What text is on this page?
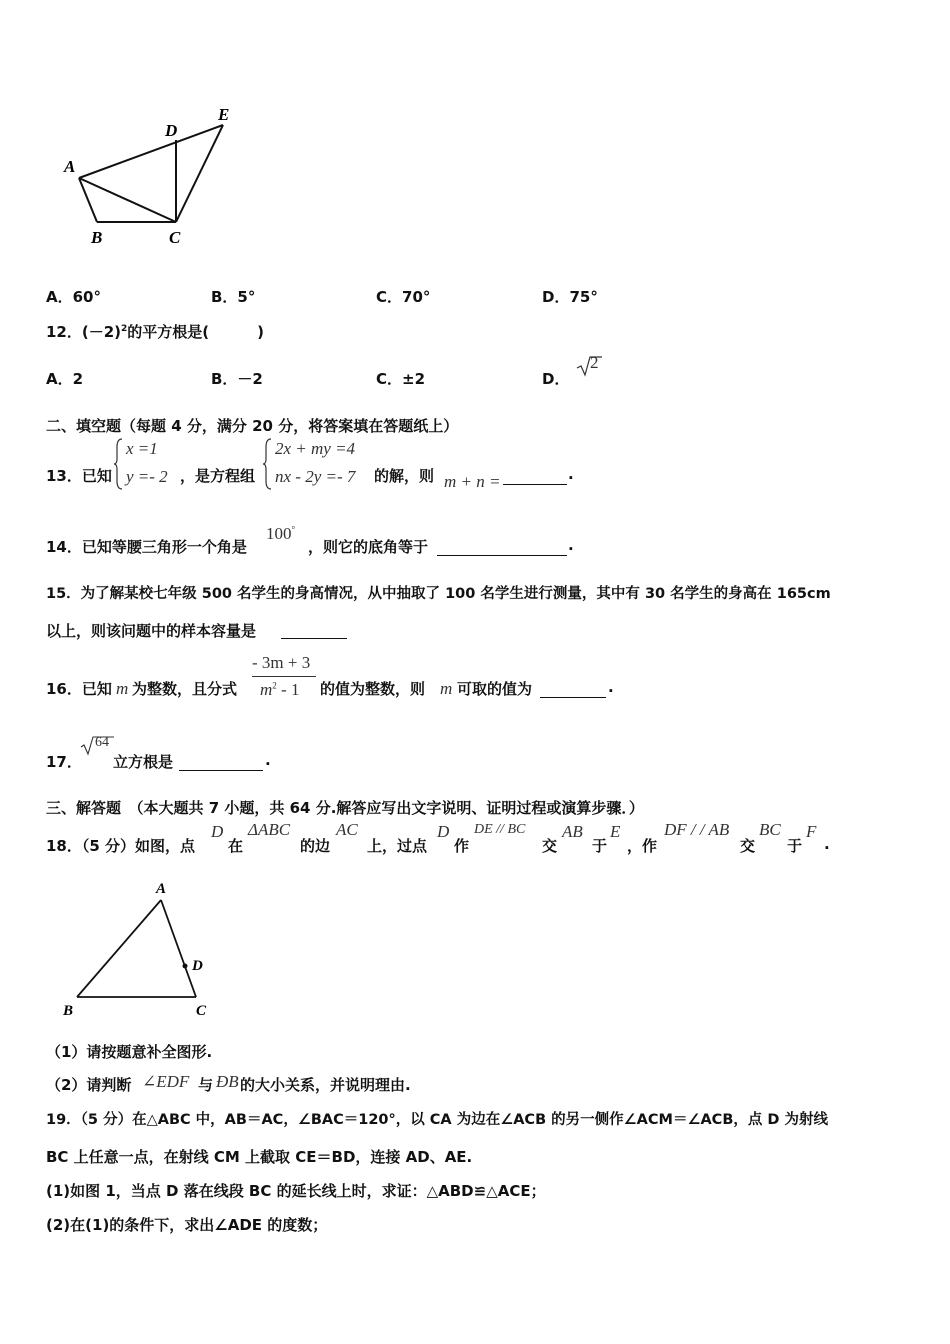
A
B	C
D
E
A．60°	B．5°	C．70°	D．75°
12．$(-2)^2$的平方根是(	)
A．2	B．－2	C．±2	D．
2
二、填空题（每题 4 分，满分 20 分，将答案填在答题纸上）
13．已知
x =1
y =- 2 ，是方程组
2x + my =4
nx - 2y =- 7 的解，则 m + n =	.
14．已知等腰三角形一个角是
100°
，则它的底角等于	.
15．为了解某校七年级 500 名学生的身高情况，从中抽取了 100 名学生进行测量，其中有 30 名学生的身高在 165cm
以上，则该问题中的样本容量是
16．已知 m 为整数，且分式
- 3m + 3
$m^2 - 1$ 的值为整数，则 m 可取的值为	.
17．
64
立方根是	.
三、解答题　（本大题共 7 小题，共 64 分.解答应写出文字说明、证明过程或演算步骤．）
18．（5 分）如图，点
D
在
ΔABC
的边
AC
上，过点
D
作
DE // BC
交
AB
于
E
，作
DF / / AB
交
BC
于
F
.
A
B	C
D
（1）请按题意补全图形.
（2）请判断 ∠EDF 与 ÐB 的大小关系，并说明理由.
19．（5 分）在△ABC 中，AB＝AC，∠BAC＝120°，以 CA 为边在∠ACB 的另一侧作∠ACM＝∠ACB，点 D 为射线
BC 上任意一点，在射线 CM 上截取 CE＝BD，连接 AD、AE.
(1)如图 1，当点 D 落在线段 BC 的延长线上时，求证：△ABD≌△ACE；
(2)在(1)的条件下，求出∠ADE 的度数；
